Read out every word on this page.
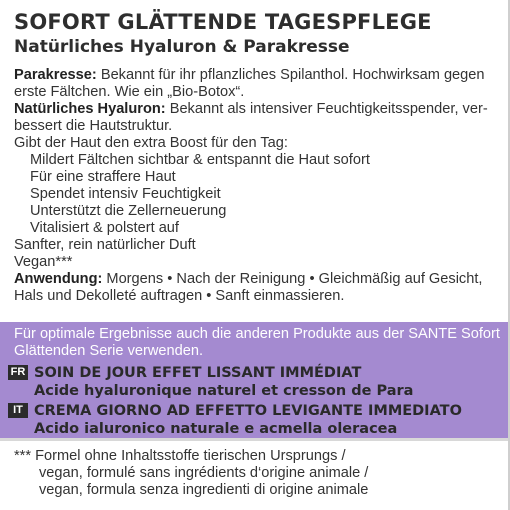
SOFORT GLÄTTENDE TAGESPFLEGE
Natürliches Hyaluron & Parakresse

Parakresse: Bekannt für ihr pflanzliches Spilanthol. Hochwirksam gegen

erste Fältchen. Wie ein „Bio-Botox“.

Natürliches Hyaluron: Bekannt als intensiver Feuchtigkeitsspender, ver-

bessert die Hautstruktur.

Gibt der Haut den extra Boost für den Tag:

Mildert Fältchen sichtbar & entspannt die Haut sofort

Für eine straffere Haut

Spendet intensiv Feuchtigkeit

Unterstützt die Zellerneuerung

Vitalisiert & polstert auf

Sanfter, rein natürlicher Duft

Vegan***

Anwendung: Morgens • Nach der Reinigung • Gleichmäßig auf Gesicht,

Hals und Dekolleté auftragen • Sanft einmassieren.

Für optimale Ergebnisse auch die anderen Produkte aus der SANTE Sofort
Glättenden Serie verwenden.
FR SOIN DE JOUR EFFET LISSANT IMMÉDIAT
Acide hyaluronique naturel et cresson de Para
IT CREMA GIORNO AD EFFETTO LEVIGANTE IMMEDIATO
Acido ialuronico naturale e acmella oleracea

*** Formel ohne Inhaltsstoffe tierischen Ursprungs /

vegan, formulé sans ingrédients d‘origine animale /

vegan, formula senza ingredienti di origine animale
